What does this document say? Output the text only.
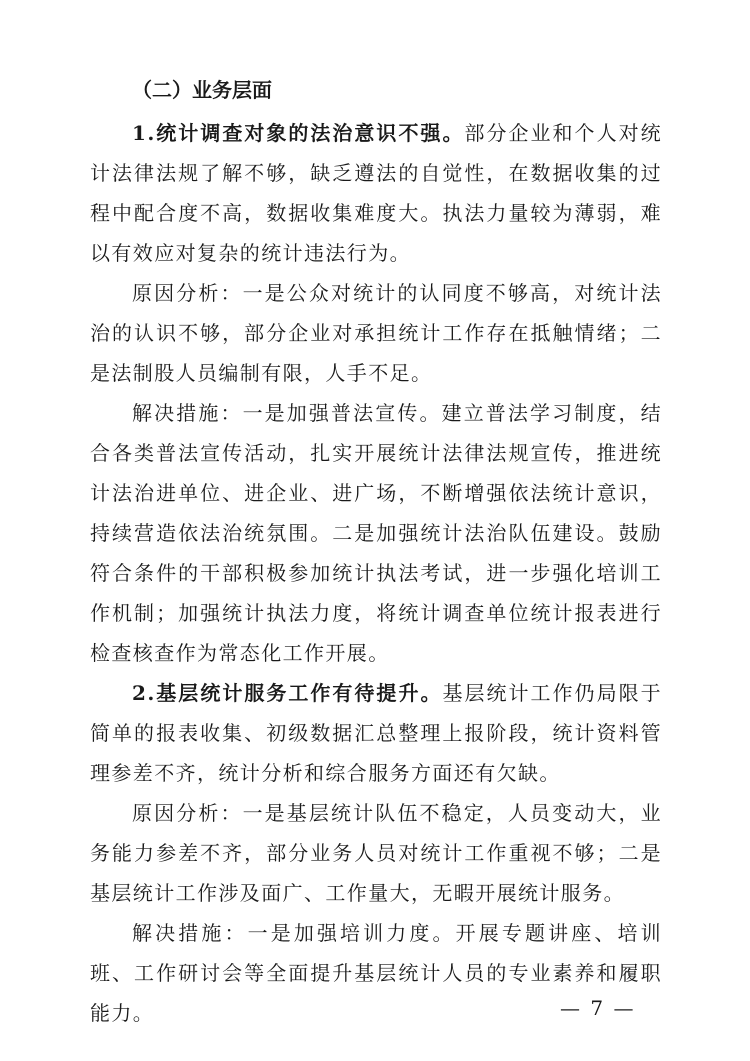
（二）业务层面

1.统计调查对象的法治意识不强。部分企业和个人对统计法律法规了解不够，缺乏遵法的自觉性，在数据收集的过程中配合度不高，数据收集难度大。执法力量较为薄弱，难以有效应对复杂的统计违法行为。

原因分析：一是公众对统计的认同度不够高，对统计法治的认识不够，部分企业对承担统计工作存在抵触情绪；二是法制股人员编制有限，人手不足。

解决措施：一是加强普法宣传。建立普法学习制度，结合各类普法宣传活动，扎实开展统计法律法规宣传，推进统计法治进单位、进企业、进广场，不断增强依法统计意识，持续营造依法治统氛围。二是加强统计法治队伍建设。鼓励符合条件的干部积极参加统计执法考试，进一步强化培训工作机制；加强统计执法力度，将统计调查单位统计报表进行检查核查作为常态化工作开展。

2.基层统计服务工作有待提升。基层统计工作仍局限于简单的报表收集、初级数据汇总整理上报阶段，统计资料管理参差不齐，统计分析和综合服务方面还有欠缺。

原因分析：一是基层统计队伍不稳定，人员变动大，业务能力参差不齐，部分业务人员对统计工作重视不够；二是基层统计工作涉及面广、工作量大，无暇开展统计服务。

解决措施：一是加强培训力度。开展专题讲座、培训班、工作研讨会等全面提升基层统计人员的专业素养和履职能力。	— 7 —
